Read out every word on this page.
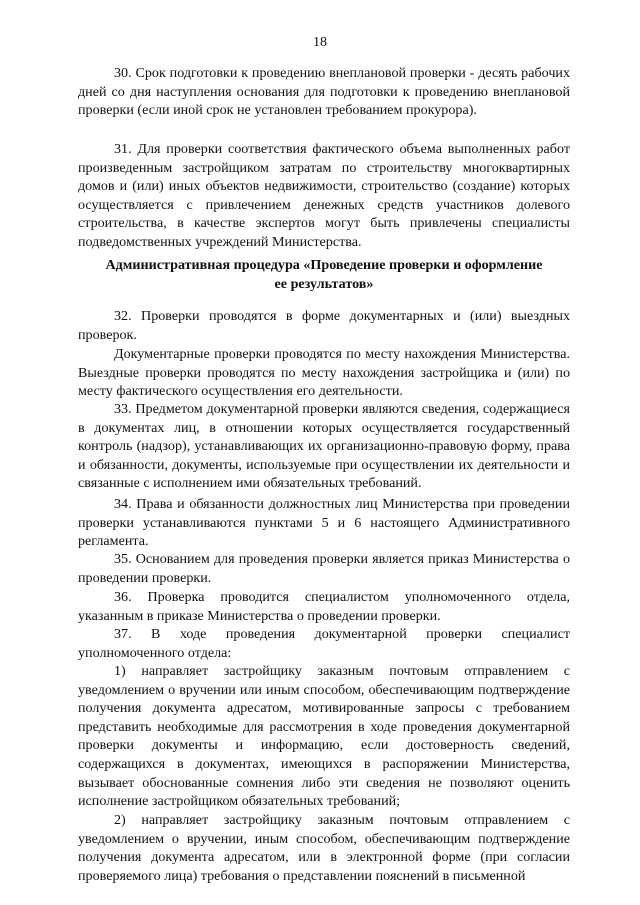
18

30. Срок подготовки к проведению внеплановой проверки - десять рабочих дней со дня наступления основания для подготовки к проведению внеплановой проверки (если иной срок не установлен требованием прокурора).

31. Для проверки соответствия фактического объема выполненных работ произведенным застройщиком затратам по строительству многоквартирных домов и (или) иных объектов недвижимости, строительство (создание) которых осуществляется с привлечением денежных средств участников долевого строительства, в качестве экспертов могут быть привлечены специалисты подведомственных учреждений Министерства.

Административная процедура «Проведение проверки и оформление ее результатов»

32. Проверки проводятся в форме документарных и (или) выездных проверок.

Документарные проверки проводятся по месту нахождения Министерства. Выездные проверки проводятся по месту нахождения застройщика и (или) по месту фактического осуществления его деятельности.

33. Предметом документарной проверки являются сведения, содержащиеся в документах лиц, в отношении которых осуществляется государственный контроль (надзор), устанавливающих их организационно-правовую форму, права и обязанности, документы, используемые при осуществлении их деятельности и связанные с исполнением ими обязательных требований.

34. Права и обязанности должностных лиц Министерства при проведении проверки устанавливаются пунктами 5 и 6 настоящего Административного регламента.

35. Основанием для проведения проверки является приказ Министерства о проведении проверки.

36. Проверка проводится специалистом уполномоченного отдела, указанным в приказе Министерства о проведении проверки.

37. В ходе проведения документарной проверки специалист уполномоченного отдела:

1) направляет застройщику заказным почтовым отправлением с уведомлением о вручении или иным способом, обеспечивающим подтверждение получения документа адресатом, мотивированные запросы с требованием представить необходимые для рассмотрения в ходе проведения документарной проверки документы и информацию, если достоверность сведений, содержащихся в документах, имеющихся в распоряжении Министерства, вызывает обоснованные сомнения либо эти сведения не позволяют оценить исполнение застройщиком обязательных требований;

2) направляет застройщику заказным почтовым отправлением с уведомлением о вручении, иным способом, обеспечивающим подтверждение получения документа адресатом, или в электронной форме (при согласии проверяемого лица) требования о представлении пояснений в письменной
